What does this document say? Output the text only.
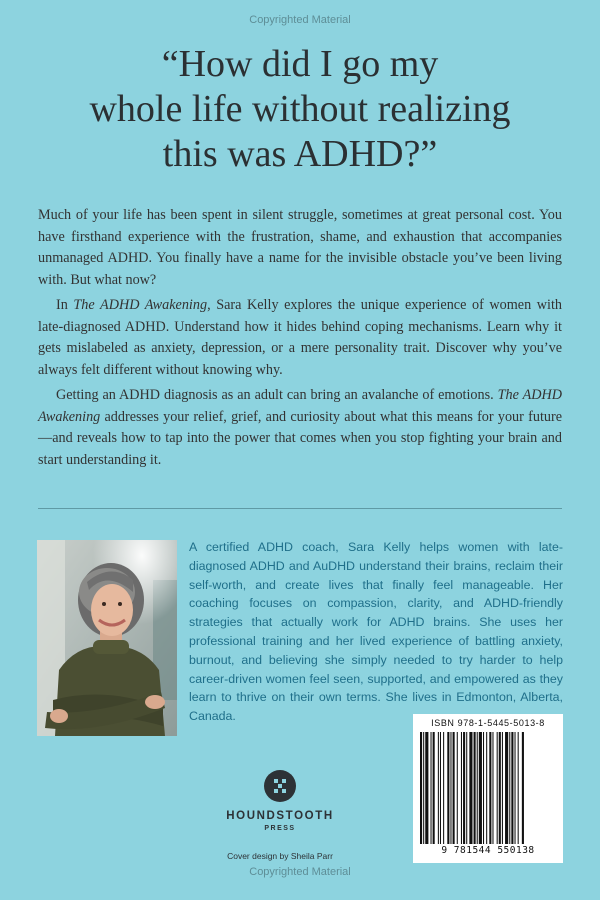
Copyrighted Material
“How did I go my
whole life without realizing
this was ADHD?”

Much of your life has been spent in silent struggle, sometimes at great personal cost. You have firsthand experience with the frustration, shame, and exhaustion that accompanies unmanaged ADHD. You finally have a name for the invisible obstacle you’ve been living with. But what now?

In The ADHD Awakening, Sara Kelly explores the unique experience of women with late-diagnosed ADHD. Understand how it hides behind coping mechanisms. Learn why it gets mislabeled as anxiety, depression, or a mere personality trait. Discover why you’ve always felt different without knowing why.

Getting an ADHD diagnosis as an adult can bring an avalanche of emotions. The ADHD Awakening addresses your relief, grief, and curiosity about what this means for your future—and reveals how to tap into the power that comes when you stop fighting your brain and start understanding it.

A certified ADHD coach, Sara Kelly helps women with late-diagnosed ADHD and AuDHD understand their brains, reclaim their self-worth, and create lives that finally feel manageable. Her coaching focuses on compassion, clarity, and ADHD-friendly strategies that actually work for ADHD brains. She uses her professional training and her lived experience of battling anxiety, burnout, and believing she simply needed to try harder to help career-driven women feel seen, supported, and empowered as they learn to thrive on their own terms. She lives in Edmonton, Alberta, Canada.

HOUNDSTOOTH
PRESS
Cover design by Sheila Parr
ISBN 978-1-5445-5013-8
9 781544 550138
Copyrighted Material
